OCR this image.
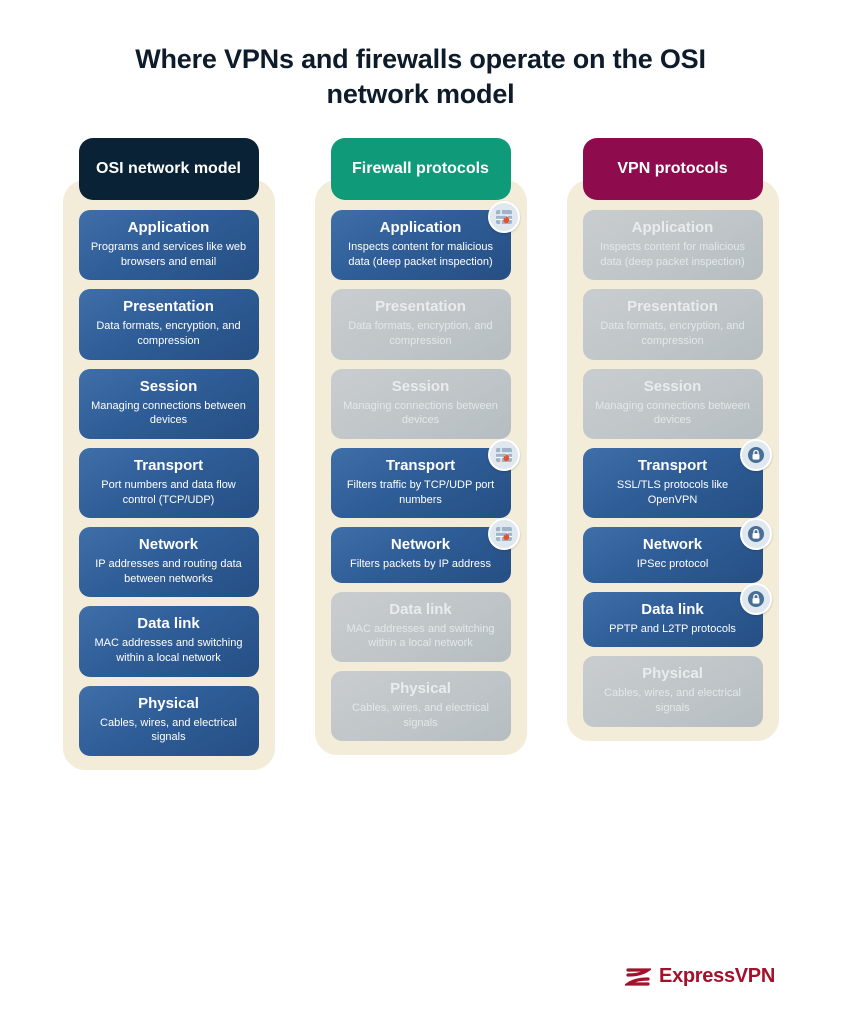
Where VPNs and firewalls operate on the OSI network model
OSI network model
Application
Programs and services like web browsers and email
Presentation
Data formats, encryption, and compression
Session
Managing connections between devices
Transport
Port numbers and data flow control (TCP/UDP)
Network
IP addresses and routing data between networks
Data link
MAC addresses and switching within a local network
Physical
Cables, wires, and electrical signals
Firewall protocols
Application
Inspects content for malicious data (deep packet inspection)
Presentation
Data formats, encryption, and compression
Session
Managing connections between devices
Transport
Filters traffic by TCP/UDP port numbers
Network
Filters packets by IP address
Data link
MAC addresses and switching within a local network
Physical
Cables, wires, and electrical signals
VPN protocols
Application
Inspects content for malicious data (deep packet inspection)
Presentation
Data formats, encryption, and compression
Session
Managing connections between devices
Transport
SSL/TLS protocols like OpenVPN
Network
IPSec protocol
Data link
PPTP and L2TP protocols
Physical
Cables, wires, and electrical signals
ExpressVPN
